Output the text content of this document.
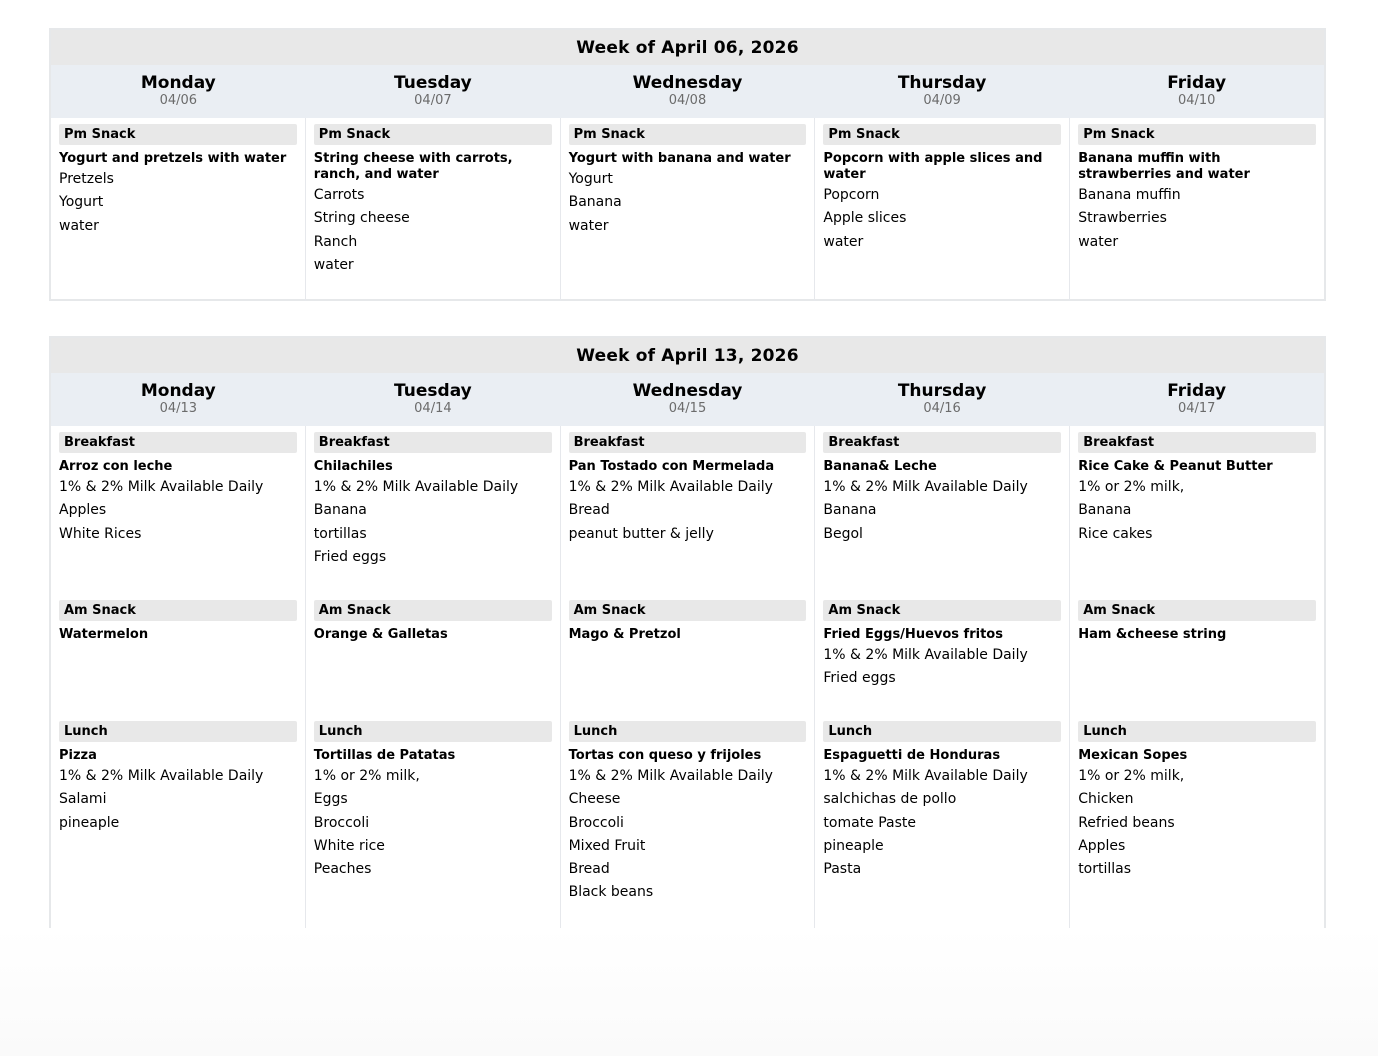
Week of April 06, 2026
Monday
04/06
Tuesday
04/07
Wednesday
04/08
Thursday
04/09
Friday
04/10
Pm Snack
Yogurt and pretzels with water
Pretzels
Yogurt
water
Pm Snack
String cheese with carrots, ranch, and water
Carrots
String cheese
Ranch
water
Pm Snack
Yogurt with banana and water
Yogurt
Banana
water
Pm Snack
Popcorn with apple slices and water
Popcorn
Apple slices
water
Pm Snack
Banana muffin with strawberries and water
Banana muffin
Strawberries
water
Week of April 13, 2026
Monday
04/13
Tuesday
04/14
Wednesday
04/15
Thursday
04/16
Friday
04/17
Breakfast
Arroz con leche
1% & 2% Milk Available Daily
Apples
White Rices
Am Snack
Watermelon
Lunch
Pizza
1% & 2% Milk Available Daily
Salami
pineaple
Breakfast
Chilachiles
1% & 2% Milk Available Daily
Banana
tortillas
Fried eggs
Am Snack
Orange & Galletas
Lunch
Tortillas de Patatas
1% or 2% milk,
Eggs
Broccoli
White rice
Peaches
Breakfast
Pan Tostado con Mermelada
1% & 2% Milk Available Daily
Bread
peanut butter & jelly
Am Snack
Mago & Pretzol
Lunch
Tortas con queso y frijoles
1% & 2% Milk Available Daily
Cheese
Broccoli
Mixed Fruit
Bread
Black beans
Breakfast
Banana& Leche
1% & 2% Milk Available Daily
Banana
Begol
Am Snack
Fried Eggs/Huevos fritos
1% & 2% Milk Available Daily
Fried eggs
Lunch
Espaguetti de Honduras
1% & 2% Milk Available Daily
salchichas de pollo
tomate Paste
pineaple
Pasta
Breakfast
Rice Cake & Peanut Butter
1% or 2% milk,
Banana
Rice cakes
Am Snack
Ham &cheese string
Lunch
Mexican Sopes
1% or 2% milk,
Chicken
Refried beans
Apples
tortillas
